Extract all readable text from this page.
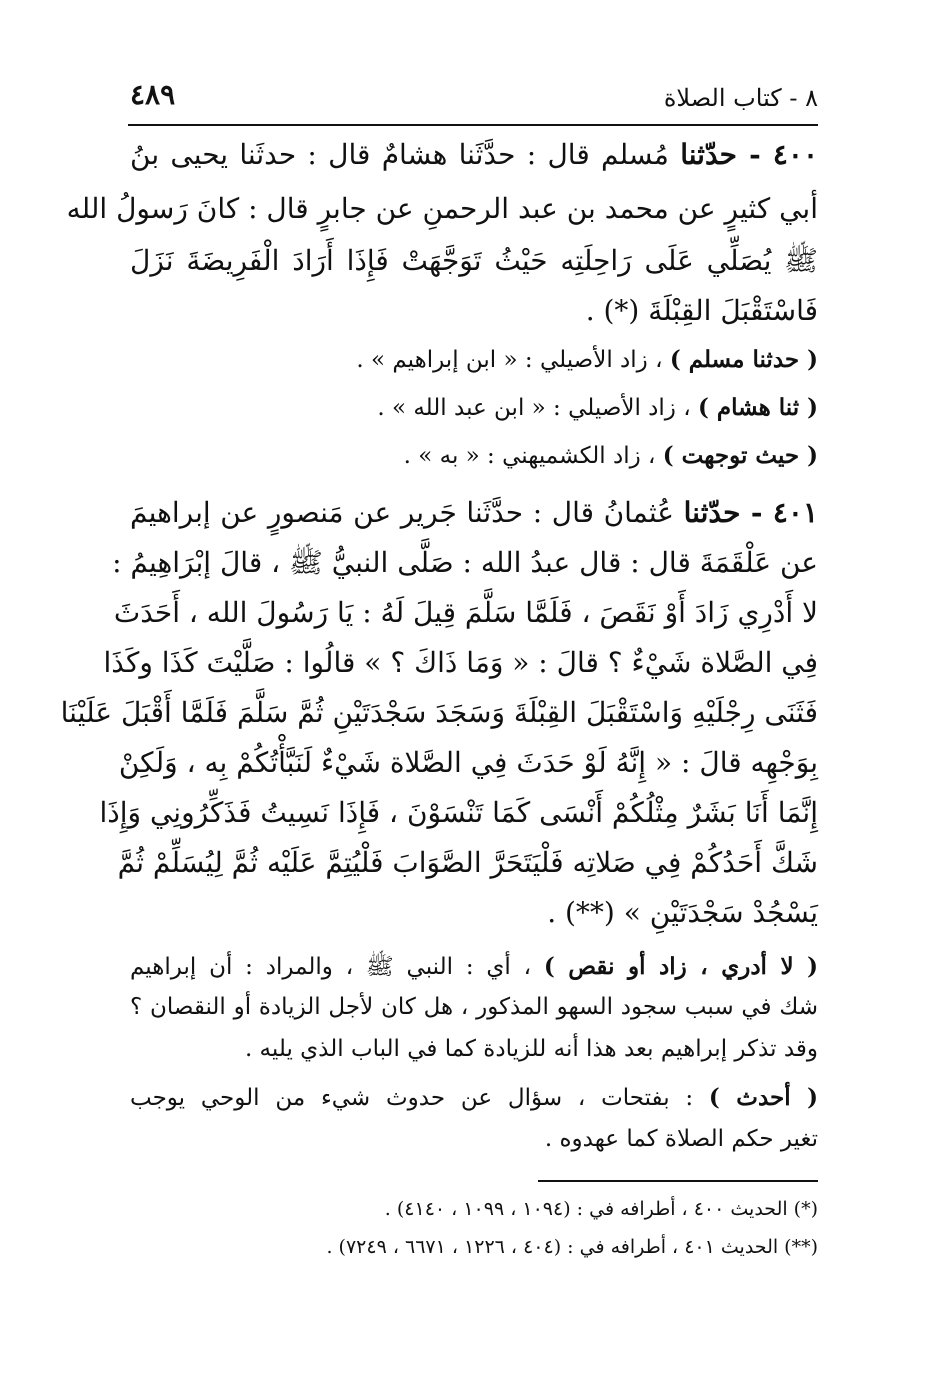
٨ - كتاب الصلاة
٤٨٩
٤٠٠ - حدّثنا مُسلم قال : حدَّثَنا هشامٌ قال : حدثَنا يحيى بنُ
أبي كثيرٍ عن محمد بن عبد الرحمنِ عن جابرٍ قال : كانَ رَسولُ الله
ﷺ يُصَلِّي عَلَى رَاحِلَتِه حَيْثُ تَوَجَّهَتْ فَإِذَا أَرَادَ الْفَرِيضَةَ نَزَلَ
فَاسْتَقْبَلَ القِبْلَةَ (*) .
( حدثنا مسلم ) ، زاد الأصيلي : « ابن إبراهيم » .
( ثنا هشام ) ، زاد الأصيلي : « ابن عبد الله » .
( حيث توجهت ) ، زاد الكشميهني : « به » .
٤٠١ - حدّثنا عُثمانُ قال : حدَّثَنا جَرير عن مَنصورٍ عن إبراهيمَ
عن عَلْقَمَةَ قال : قال عبدُ الله : صَلَّى النبيُّ ﷺ ، قالَ إبْرَاهِيمُ :
لا أَدْرِي زَادَ أَوْ نَقَصَ ، فَلَمَّا سَلَّمَ قِيلَ لَهُ : يَا رَسُولَ الله ، أَحَدَثَ
فِي الصَّلاة شَيْءٌ ؟ قالَ : « وَمَا ذَاكَ ؟ » قالُوا : صَلَّيْتَ كَذَا وكَذَا
فَثَنَى رِجْلَيْهِ وَاسْتَقْبَلَ القِبْلَةَ وَسَجَدَ سَجْدَتَيْنِ ثُمَّ سَلَّمَ فَلَمَّا أَقْبَلَ عَلَيْنَا
بِوَجْهِه قالَ : « إِنَّهُ لَوْ حَدَثَ فِي الصَّلاة شَيْءٌ لَنَبَّأْتُكُمْ بِه ، وَلَكِنْ
إِنَّمَا أَنَا بَشَرٌ مِثْلُكُمْ أَنْسَى كَمَا تَنْسَوْنَ ، فَإِذَا نَسِيتُ فَذَكِّرُونِي وَإِذَا
شَكَّ أَحَدُكُمْ فِي صَلاتِه فَلْيَتَحَرَّ الصَّوَابَ فَلْيُتِمَّ عَلَيْه ثُمَّ لِيُسَلِّمْ ثُمَّ
يَسْجُدْ سَجْدَتَيْنِ » (**) .
( لا أدري ، زاد أو نقص ) ، أي : النبي ﷺ ، والمراد : أن إبراهيم
شك في سبب سجود السهو المذكور ، هل كان لأجل الزيادة أو النقصان ؟
وقد تذكر إبراهيم بعد هذا أنه للزيادة كما في الباب الذي يليه .
( أحدث ) : بفتحات ، سؤال عن حدوث شيء من الوحي يوجب
تغير حكم الصلاة كما عهدوه .
(*) الحديث ٤٠٠ ، أطرافه في : (١٠٩٤ ، ١٠٩٩ ، ٤١٤٠) .
(**) الحديث ٤٠١ ، أطرافه في : (٤٠٤ ، ١٢٢٦ ، ٦٦٧١ ، ٧٢٤٩) .
